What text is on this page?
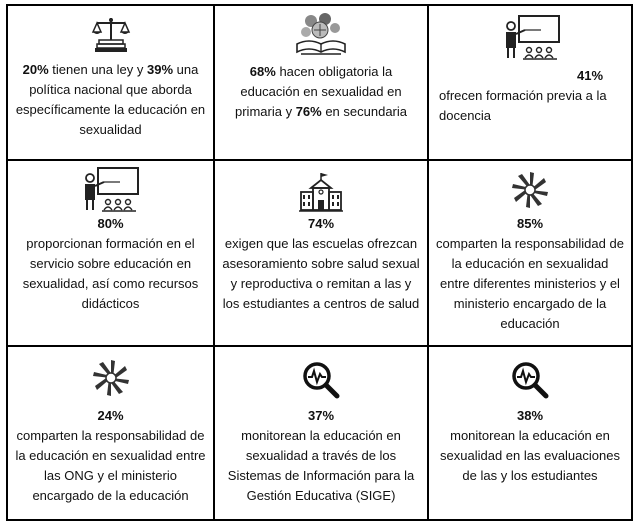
20% tienen una ley y 39% una política nacional que aborda específicamente la educación en sexualidad
68% hacen obligatoria la educación en sexualidad en primaria y 76% en secundaria
41%
ofrecen formación previa a la docencia
80%
proporcionan formación en el servicio sobre educación en sexualidad, así como recursos didácticos
74%
exigen que las escuelas ofrezcan asesoramiento sobre salud sexual y reproductiva o remitan a las y los estudiantes a centros de salud
85%
comparten la responsabilidad de la educación en sexualidad entre diferentes ministerios y el ministerio encargado de la educación
24%
comparten la responsabilidad de la educación en sexualidad entre las ONG y el ministerio encargado de la educación
37%
monitorean la educación en sexualidad a través de los Sistemas de Información para la Gestión Educativa (SIGE)
38%
monitorean la educación en sexualidad en las evaluaciones de las y los estudiantes
